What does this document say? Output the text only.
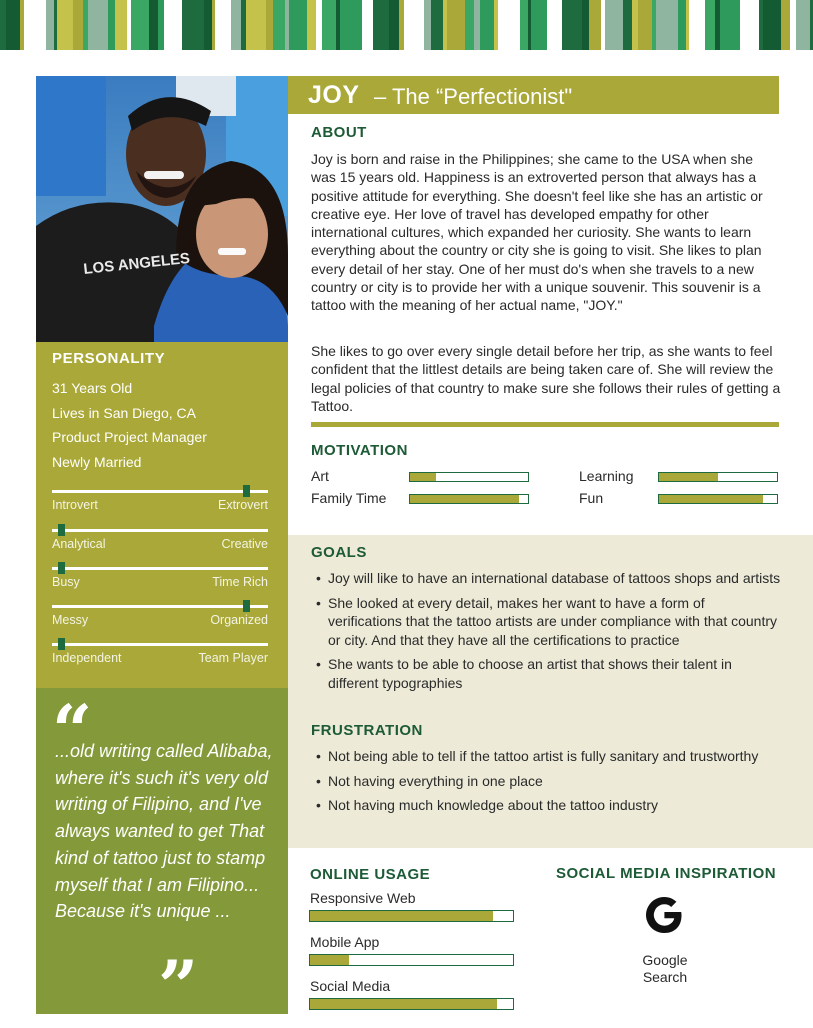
LOS ANGELES
PERSONALITY
31 Years Old
Lives in San Diego, CA
Product Project Manager
Newly Married
Introvert	Extrovert
Analytical	Creative
Busy	Time Rich
Messy	Organized
Independent	Team Player
“
...old writing called Alibaba, where it's such it's very old writing of Filipino, and I've always wanted to get That kind of tattoo just to stamp myself that I am Filipino... Because it's unique ...
”
JOY – The “Perfectionist"
ABOUT
Joy is born and raise in the Philippines; she came to the USA when she was 15 years old. Happiness is an extroverted person that always has a positive attitude for everything. She doesn't feel like she has an artistic or creative eye. Her love of travel has developed empathy for other international cultures, which expanded her curiosity. She wants to learn everything about the country or city she is going to visit. She likes to plan every detail of her stay. One of her must do's when she travels to a new country or city is to provide her with a unique souvenir. This souvenir is a tattoo with the meaning of her actual name, "JOY."
She likes to go over every single detail before her trip, as she wants to feel confident that the littlest details are being taken care of. She will review the legal policies of that country to make sure she follows their rules of getting a Tattoo.
MOTIVATION
Art
Family Time
Learning
Fun
GOALS
• Joy will like to have an international database of tattoos shops and artists
• She looked at every detail, makes her want to have a form of verifications that the tattoo artists are under compliance with that country or city. And that they have all the certifications to practice
• She wants to be able to choose an artist that shows their talent in different typographies
FRUSTRATION
• Not being able to tell if the tattoo artist is fully sanitary and trustworthy
• Not having everything in one place
• Not having much knowledge about the tattoo industry
ONLINE USAGE
Responsive Web
Mobile App
Social Media
SOCIAL MEDIA INSPIRATION
Google Search
